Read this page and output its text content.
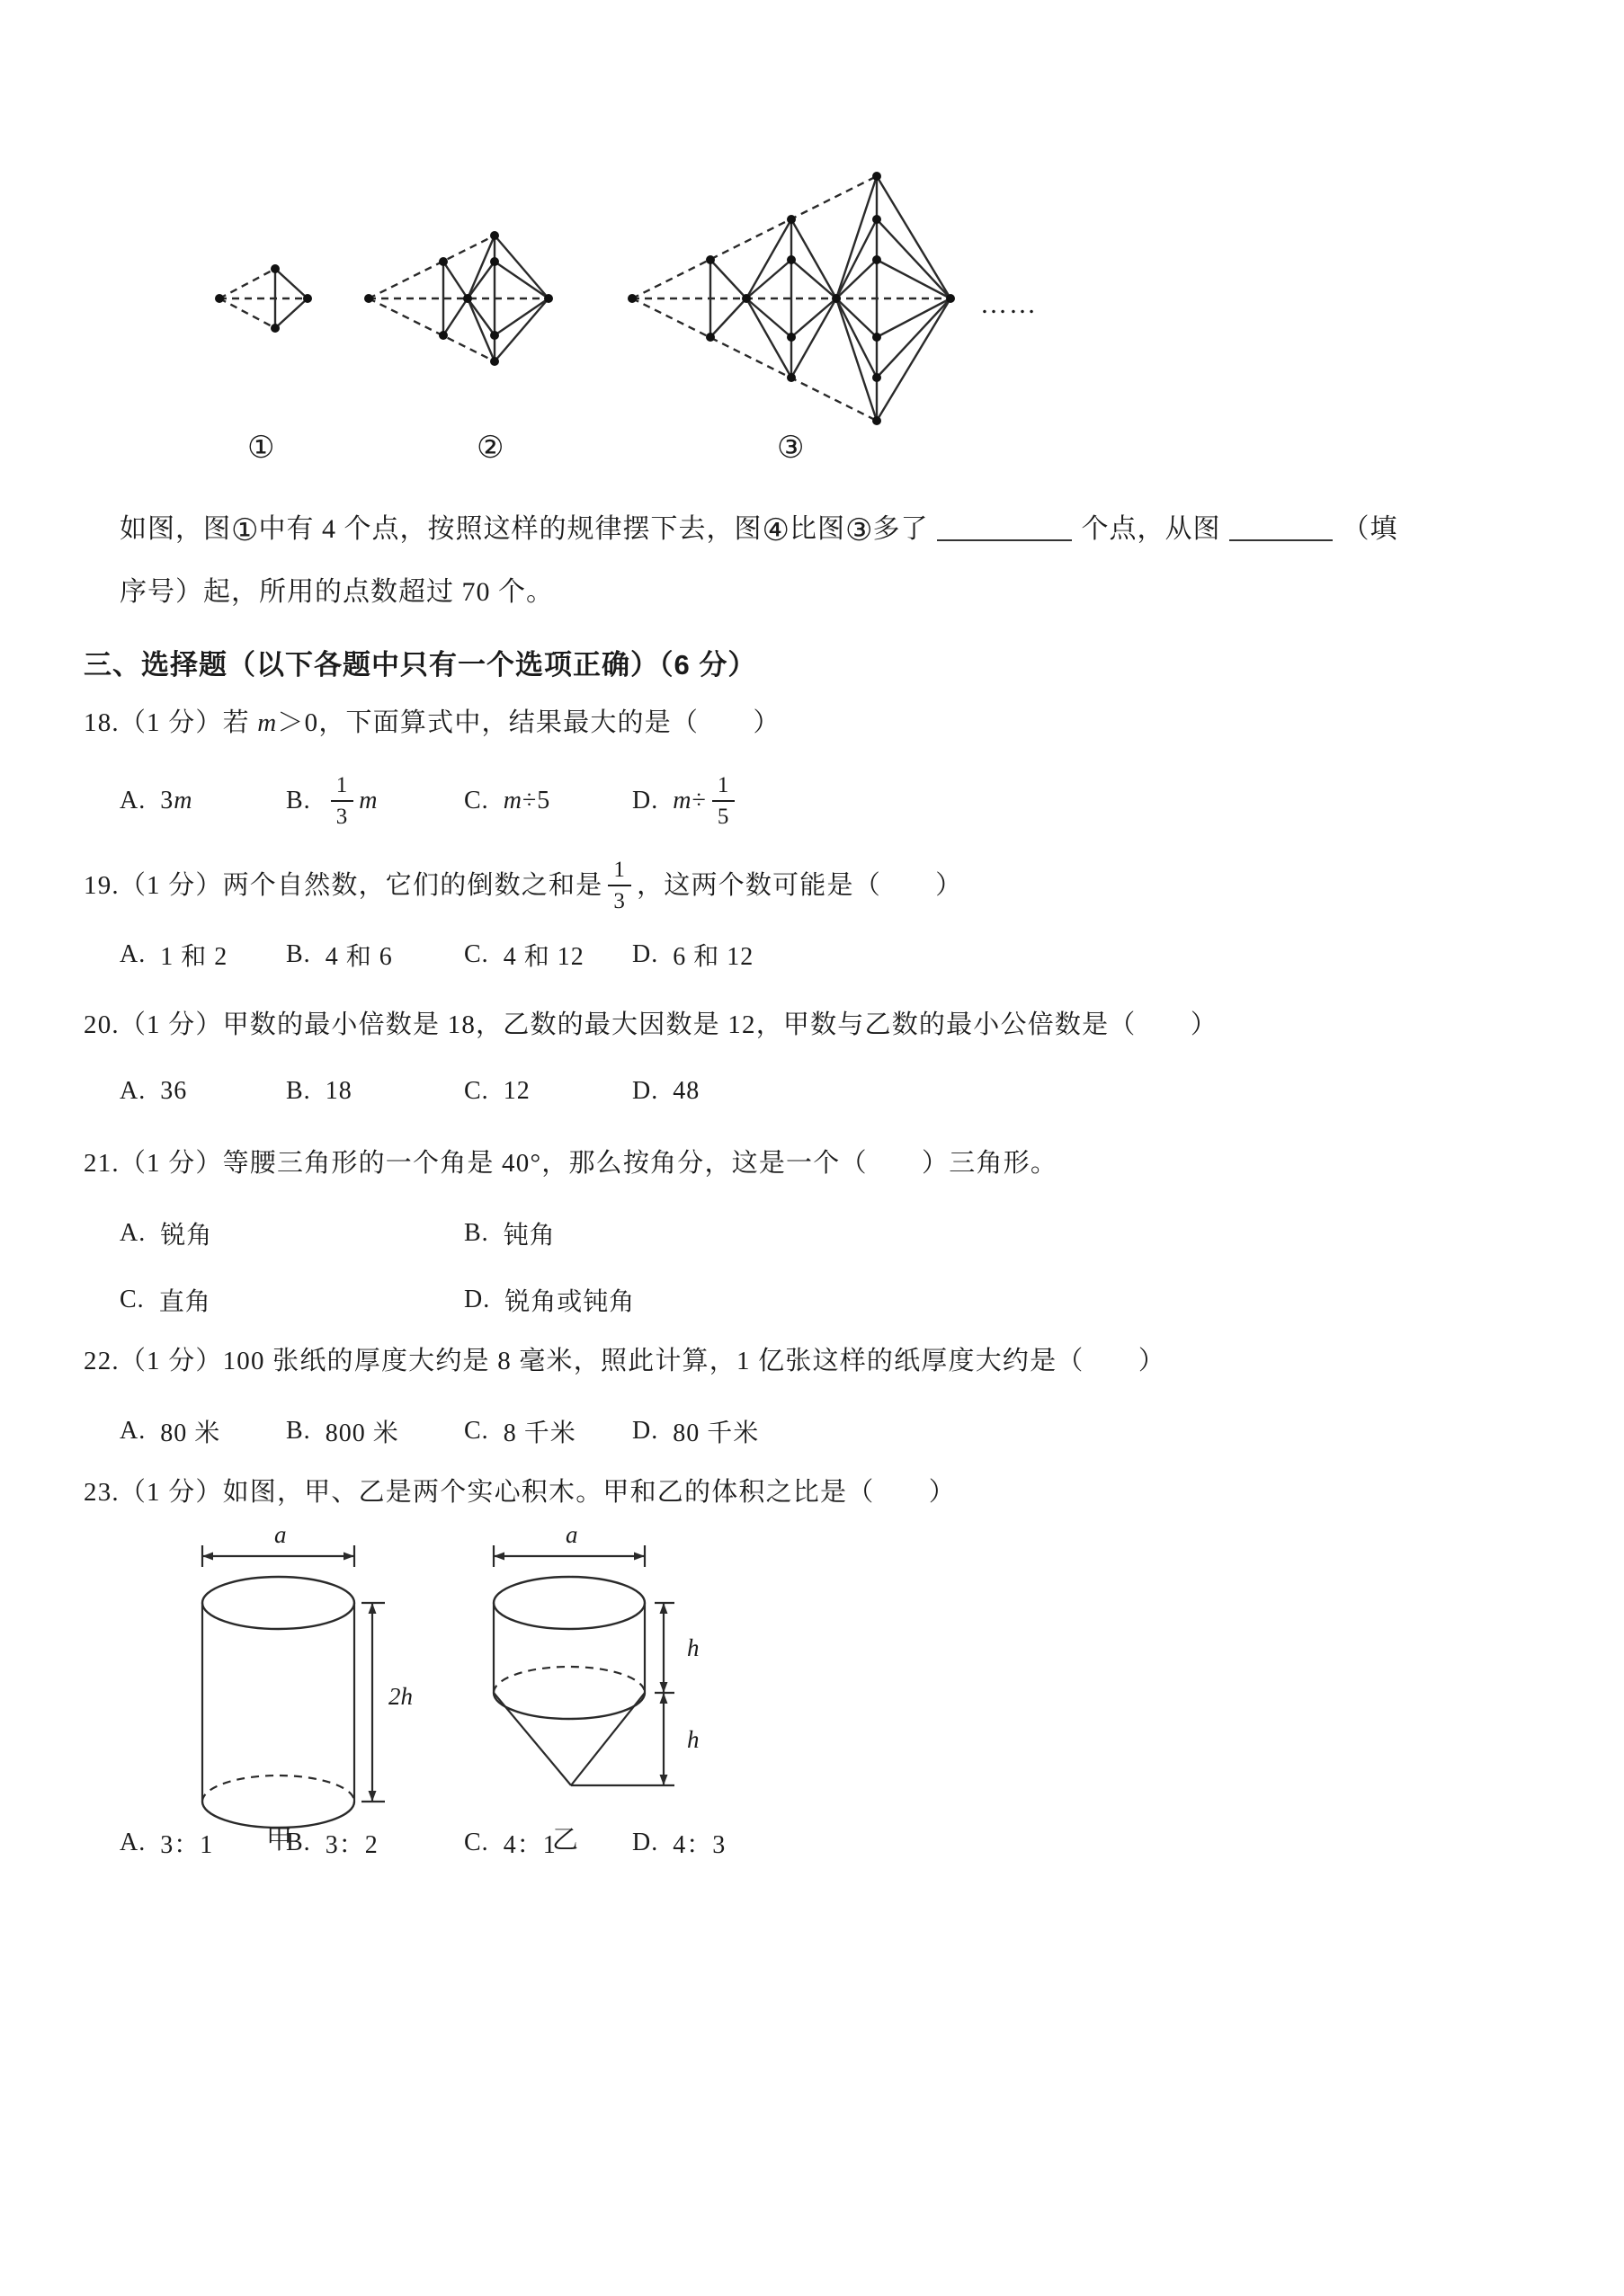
……
①	②	③
如图，图①中有 4 个点，按照这样的规律摆下去，图④比图③多了	个点，从图	（填
序号）起，所用的点数超过 70 个。
三、选择题（以下各题中只有一个选项正确）（6 分）
18.（1 分）若 m＞0，下面算式中，结果最大的是（　　）
A. 3 m	B. $\frac{1}{3}$ m	C. m ÷5	D. $m \div \frac{1}{5}$
19.（1 分）两个自然数，它们的倒数之和是 $\frac{1}{3}$ ，这两个数可能是（　　）
A. 1 和 2 B. 4 和 6	C. 4 和 12 D. 6 和 12
20.（1 分）甲数的最小倍数是 18，乙数的最大因数是 12，甲数与乙数的最小公倍数是（　　）
A. 36	B. 18	C. 12	D. 48
21.（1 分）等腰三角形的一个角是 40°，那么按角分，这是一个（　　）三角形。
A. 锐角	B. 钝角
C. 直角	D. 锐角或钝角
22.（1 分）100 张纸的厚度大约是 8 毫米，照此计算，1 亿张这样的纸厚度大约是（　　）
A. 80 米	B. 800 米	C. 8 千米 D. 80 千米
23.（1 分）如图，甲、乙是两个实心积木。甲和乙的体积之比是（　　）
a
2h
a
h
h
甲	乙
A. 3：1	B. 3：2	C. 4：1	D. 4：3
